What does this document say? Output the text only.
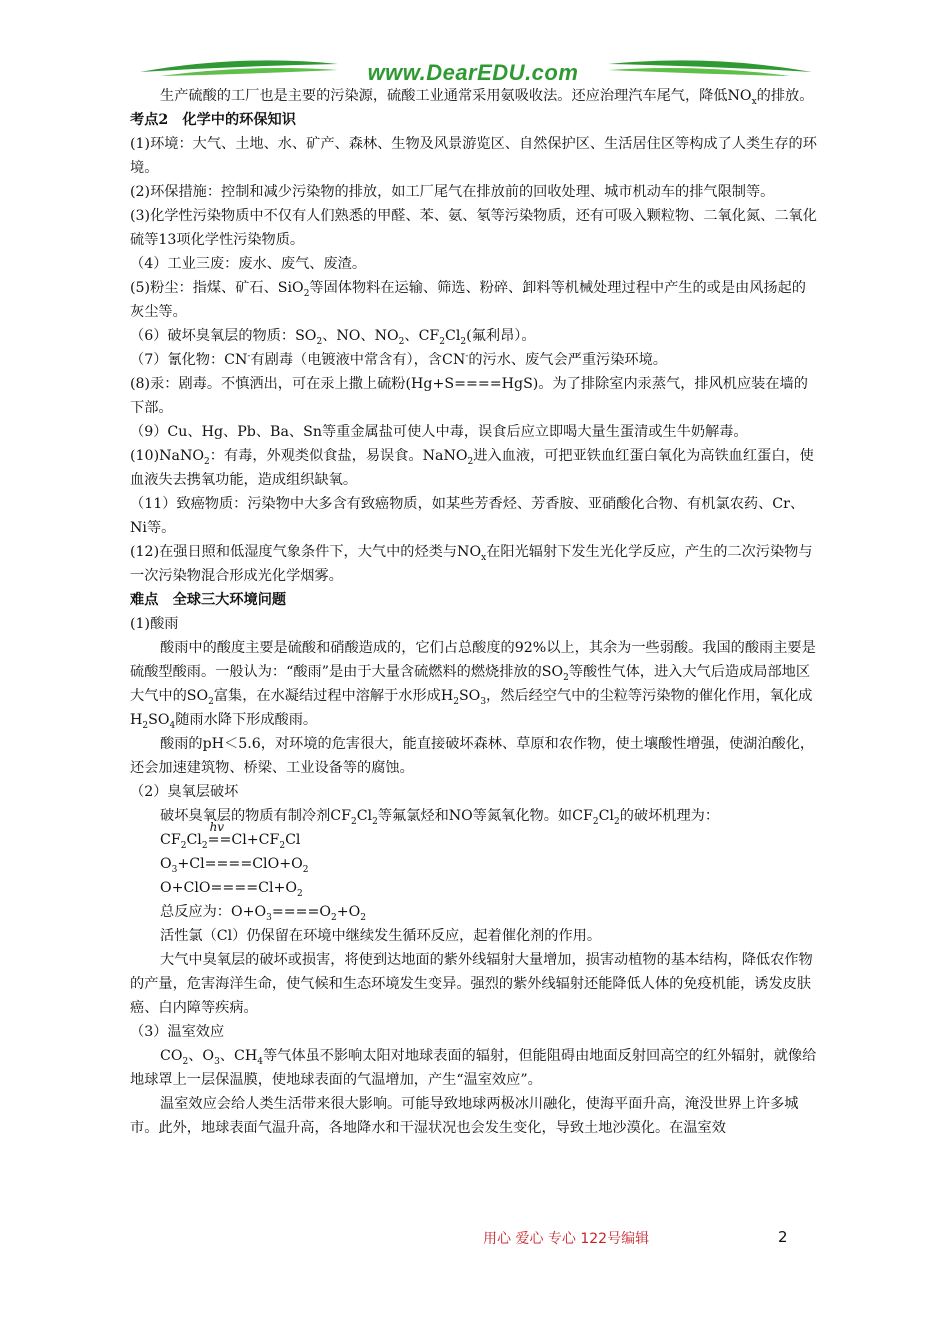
www.DearEDU.com

生产硫酸的工厂也是主要的污染源，硫酸工业通常采用氨吸收法。还应治理汽车尾气，降低$NO_x$的排放。

考点2　化学中的环保知识

(1)环境：大气、土地、水、矿产、森林、生物及风景游览区、自然保护区、生活居住区等构成了人类生存的环境。

(2)环保措施：控制和减少污染物的排放，如工厂尾气在排放前的回收处理、城市机动车的排气限制等。

(3)化学性污染物质中不仅有人们熟悉的甲醛、苯、氨、氡等污染物质，还有可吸入颗粒物、二氧化氮、二氧化硫等13项化学性污染物质。

（4）工业三废：废水、废气、废渣。

(5)粉尘：指煤、矿石、SiO$_2$等固体物料在运输、筛选、粉碎、卸料等机械处理过程中产生的或是由风扬起的灰尘等。

（6）破坏臭氧层的物质：$SO_2$、NO、$NO_2$、$CF_2Cl_2$(氟利昂）。

（7）氰化物：CN-有剧毒（电镀液中常含有），含CN-的污水、废气会严重污染环境。

(8)汞：剧毒。不慎洒出，可在汞上撒上硫粉(Hg+S====HgS)。为了排除室内汞蒸气，排风机应装在墙的下部。

（9）Cu、Hg、Pb、Ba、Sn等重金属盐可使人中毒，误食后应立即喝大量生蛋清或生牛奶解毒。

(10)NaNO$_2$：有毒，外观类似食盐，易误食。NaNO$_2$进入血液，可把亚铁血红蛋白氧化为高铁血红蛋白，使血液失去携氧功能，造成组织缺氧。

（11）致癌物质：污染物中大多含有致癌物质，如某些芳香烃、芳香胺、亚硝酸化合物、有机氯农药、Cr、Ni等。

(12)在强日照和低湿度气象条件下，大气中的烃类与$NO_x$在阳光辐射下发生光化学反应，产生的二次污染物与一次污染物混合形成光化学烟雾。

难点　全球三大环境问题

(1)酸雨

酸雨中的酸度主要是硫酸和硝酸造成的，它们占总酸度的92%以上，其余为一些弱酸。我国的酸雨主要是硫酸型酸雨。一般认为：“酸雨”是由于大量含硫燃料的燃烧排放的$SO_2$等酸性气体，进入大气后造成局部地区大气中的$SO_2$富集，在水凝结过程中溶解于水形成$H_2SO_3$，然后经空气中的尘粒等污染物的催化作用，氧化成$H_2SO_4$随雨水降下形成酸雨。

酸雨的pH＜5.6，对环境的危害很大，能直接破坏森林、草原和农作物，使土壤酸性增强，使湖泊酸化，还会加速建筑物、桥梁、工业设备等的腐蚀。

（2）臭氧层破坏

破坏臭氧层的物质有制冷剂$CF_2Cl_2$等氟氯烃和NO等氮氧化物。如$CF_2Cl_2$的破坏机理为：

$CF_2Cl_2$
hv
$==Cl+CF_2Cl$

$O_3+Cl====ClO+O_2$

$O+ClO====Cl+O_2$

总反应为：$O+O_3====O_2+O_2$

活性氯（Cl）仍保留在环境中继续发生循环反应，起着催化剂的作用。

大气中臭氧层的破坏或损害，将使到达地面的紫外线辐射大量增加，损害动植物的基本结构，降低农作物的产量，危害海洋生命，使气候和生态环境发生变异。强烈的紫外线辐射还能降低人体的免疫机能，诱发皮肤癌、白内障等疾病。

（3）温室效应

$CO_2$、$O_3$、$CH_4$等气体虽不影响太阳对地球表面的辐射，但能阻碍由地面反射回高空的红外辐射，就像给地球罩上一层保温膜，使地球表面的气温增加，产生“温室效应”。

温室效应会给人类生活带来很大影响。可能导致地球两极冰川融化，使海平面升高，淹没世界上许多城市。此外，地球表面气温升高，各地降水和干湿状况也会发生变化，导致土地沙漠化。在温室效

用心 爱心 专心 122号编辑	2
